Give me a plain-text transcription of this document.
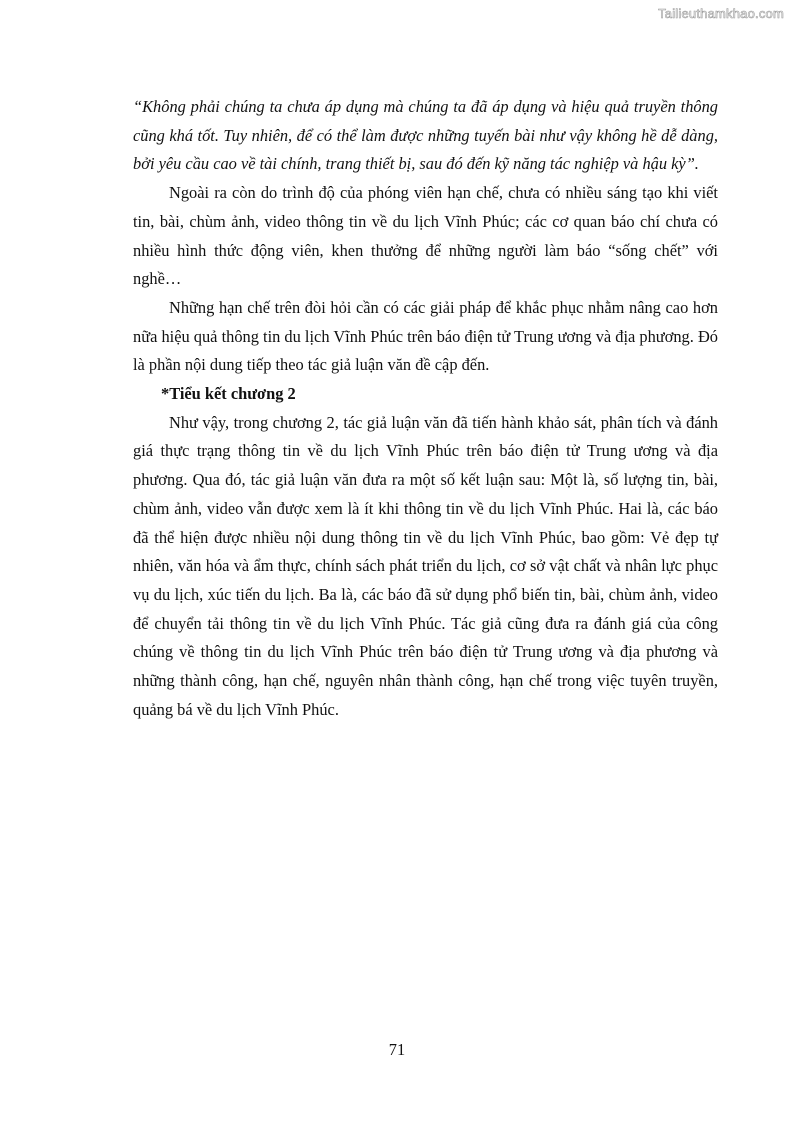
Tailieuthamkhao.com

“Không phải chúng ta chưa áp dụng mà chúng ta đã áp dụng và hiệu quả truyền thông cũng khá tốt. Tuy nhiên, để có thể làm được những tuyến bài như vậy không hề dễ dàng, bởi yêu cầu cao về tài chính, trang thiết bị, sau đó đến kỹ năng tác nghiệp và hậu kỳ”.

Ngoài ra còn do trình độ của phóng viên hạn chế, chưa có nhiều sáng tạo khi viết tin, bài, chùm ảnh, video thông tin về du lịch Vĩnh Phúc; các cơ quan báo chí chưa có nhiều hình thức động viên, khen thưởng để những người làm báo “sống chết” với nghề…

Những hạn chế trên đòi hỏi cần có các giải pháp để khắc phục nhằm nâng cao hơn nữa hiệu quả thông tin du lịch Vĩnh Phúc trên báo điện tử Trung ương và địa phương. Đó là phần nội dung tiếp theo tác giả luận văn đề cập đến.

*Tiểu kết chương 2

Như vậy, trong chương 2, tác giả luận văn đã tiến hành khảo sát, phân tích và đánh giá thực trạng thông tin về du lịch Vĩnh Phúc trên báo điện tử Trung ương và địa phương. Qua đó, tác giả luận văn đưa ra một số kết luận sau: Một là, số lượng tin, bài, chùm ảnh, video vẫn được xem là ít khi thông tin về du lịch Vĩnh Phúc. Hai là, các báo đã thể hiện được nhiều nội dung thông tin về du lịch Vĩnh Phúc, bao gồm: Vẻ đẹp tự nhiên, văn hóa và ẩm thực, chính sách phát triển du lịch, cơ sở vật chất và nhân lực phục vụ du lịch, xúc tiến du lịch. Ba là, các báo đã sử dụng phổ biến tin, bài, chùm ảnh, video để chuyển tải thông tin về du lịch Vĩnh Phúc. Tác giả cũng đưa ra đánh giá của công chúng về thông tin du lịch Vĩnh Phúc trên báo điện tử Trung ương và địa phương và những thành công, hạn chế, nguyên nhân thành công, hạn chế trong việc tuyên truyền, quảng bá về du lịch Vĩnh Phúc.

71
